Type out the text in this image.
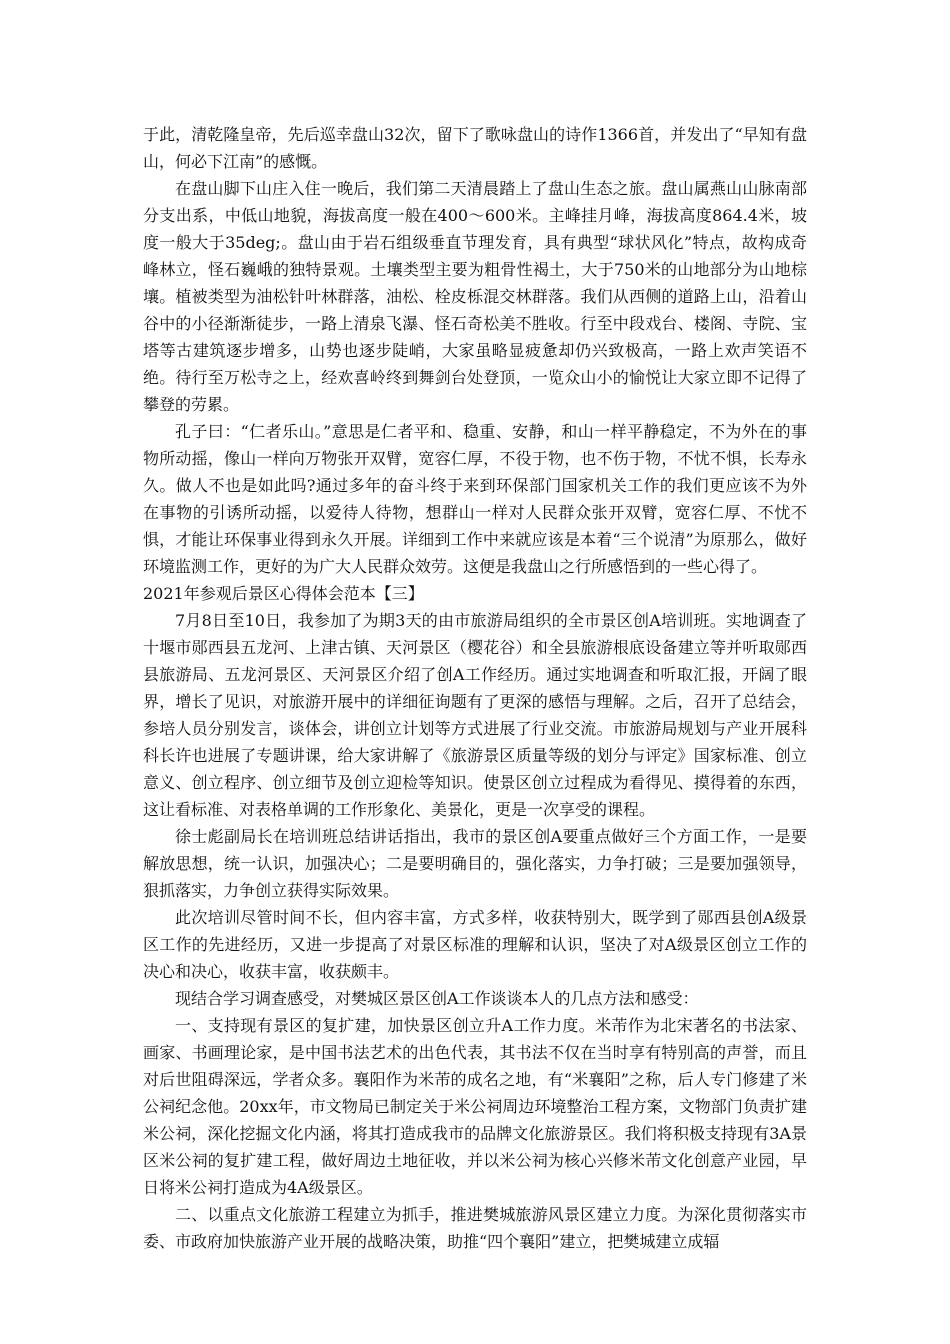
于此，清乾隆皇帝，先后巡幸盘山32次，留下了歌咏盘山的诗作1366首，并发出了“早知有盘山，何必下江南”的感慨。

在盘山脚下山庄入住一晚后，我们第二天清晨踏上了盘山生态之旅。盘山属燕山山脉南部分支出系，中低山地貌，海拔高度一般在400～600米。主峰挂月峰，海拔高度864.4米，坡度一般大于35deg;。盘山由于岩石组级垂直节理发育，具有典型“球状风化”特点，故构成奇峰林立，怪石巍峨的独特景观。土壤类型主要为粗骨性褐土，大于750米的山地部分为山地棕壤。植被类型为油松针叶林群落，油松、栓皮栎混交林群落。我们从西侧的道路上山，沿着山谷中的小径渐渐徒步，一路上清泉飞瀑、怪石奇松美不胜收。行至中段戏台、楼阁、寺院、宝塔等古建筑逐步增多，山势也逐步陡峭，大家虽略显疲惫却仍兴致极高，一路上欢声笑语不绝。待行至万松寺之上，经欢喜岭终到舞剑台处登顶，一览众山小的愉悦让大家立即不记得了攀登的劳累。

孔子曰：“仁者乐山。”意思是仁者平和、稳重、安静，和山一样平静稳定，不为外在的事物所动摇，像山一样向万物张开双臂，宽容仁厚，不役于物，也不伤于物，不忧不惧，长寿永久。做人不也是如此吗?通过多年的奋斗终于来到环保部门国家机关工作的我们更应该不为外在事物的引诱所动摇，以爱待人待物，想群山一样对人民群众张开双臂，宽容仁厚、不忧不惧，才能让环保事业得到永久开展。详细到工作中来就应该是本着“三个说清”为原那么，做好环境监测工作，更好的为广大人民群众效劳。这便是我盘山之行所感悟到的一些心得了。

2021年参观后景区心得体会范本【三】

7月8日至10日，我参加了为期3天的由市旅游局组织的全市景区创A培训班。实地调查了十堰市郧西县五龙河、上津古镇、天河景区（樱花谷）和全县旅游根底设备建立等并听取郧西县旅游局、五龙河景区、天河景区介绍了创A工作经历。通过实地调查和听取汇报，开阔了眼界，增长了见识，对旅游开展中的详细征询题有了更深的感悟与理解。之后，召开了总结会，参培人员分别发言，谈体会，讲创立计划等方式进展了行业交流。市旅游局规划与产业开展科科长许也进展了专题讲课，给大家讲解了《旅游景区质量等级的划分与评定》国家标准、创立意义、创立程序、创立细节及创立迎检等知识。使景区创立过程成为看得见、摸得着的东西，这让看标准、对表格单调的工作形象化、美景化，更是一次享受的课程。

徐士彪副局长在培训班总结讲话指出，我市的景区创A要重点做好三个方面工作，一是要解放思想，统一认识，加强决心；二是要明确目的，强化落实，力争打破；三是要加强领导，狠抓落实，力争创立获得实际效果。

此次培训尽管时间不长，但内容丰富，方式多样，收获特别大，既学到了郧西县创A级景区工作的先进经历，又进一步提高了对景区标准的理解和认识，坚决了对A级景区创立工作的决心和决心，收获丰富，收获颇丰。

现结合学习调查感受，对樊城区景区创A工作谈谈本人的几点方法和感受：

一、支持现有景区的复扩建，加快景区创立升A工作力度。米芾作为北宋著名的书法家、画家、书画理论家，是中国书法艺术的出色代表，其书法不仅在当时享有特别高的声誉，而且对后世阻碍深远，学者众多。襄阳作为米芾的成名之地，有“米襄阳”之称，后人专门修建了米公祠纪念他。20xx年，市文物局已制定关于米公祠周边环境整治工程方案，文物部门负责扩建米公祠，深化挖掘文化内涵，将其打造成我市的品牌文化旅游景区。我们将积极支持现有3A景区米公祠的复扩建工程，做好周边土地征收，并以米公祠为核心兴修米芾文化创意产业园，早日将米公祠打造成为4A级景区。

二、以重点文化旅游工程建立为抓手，推进樊城旅游风景区建立力度。为深化贯彻落实市委、市政府加快旅游产业开展的战略决策，助推“四个襄阳”建立，把樊城建立成辐
